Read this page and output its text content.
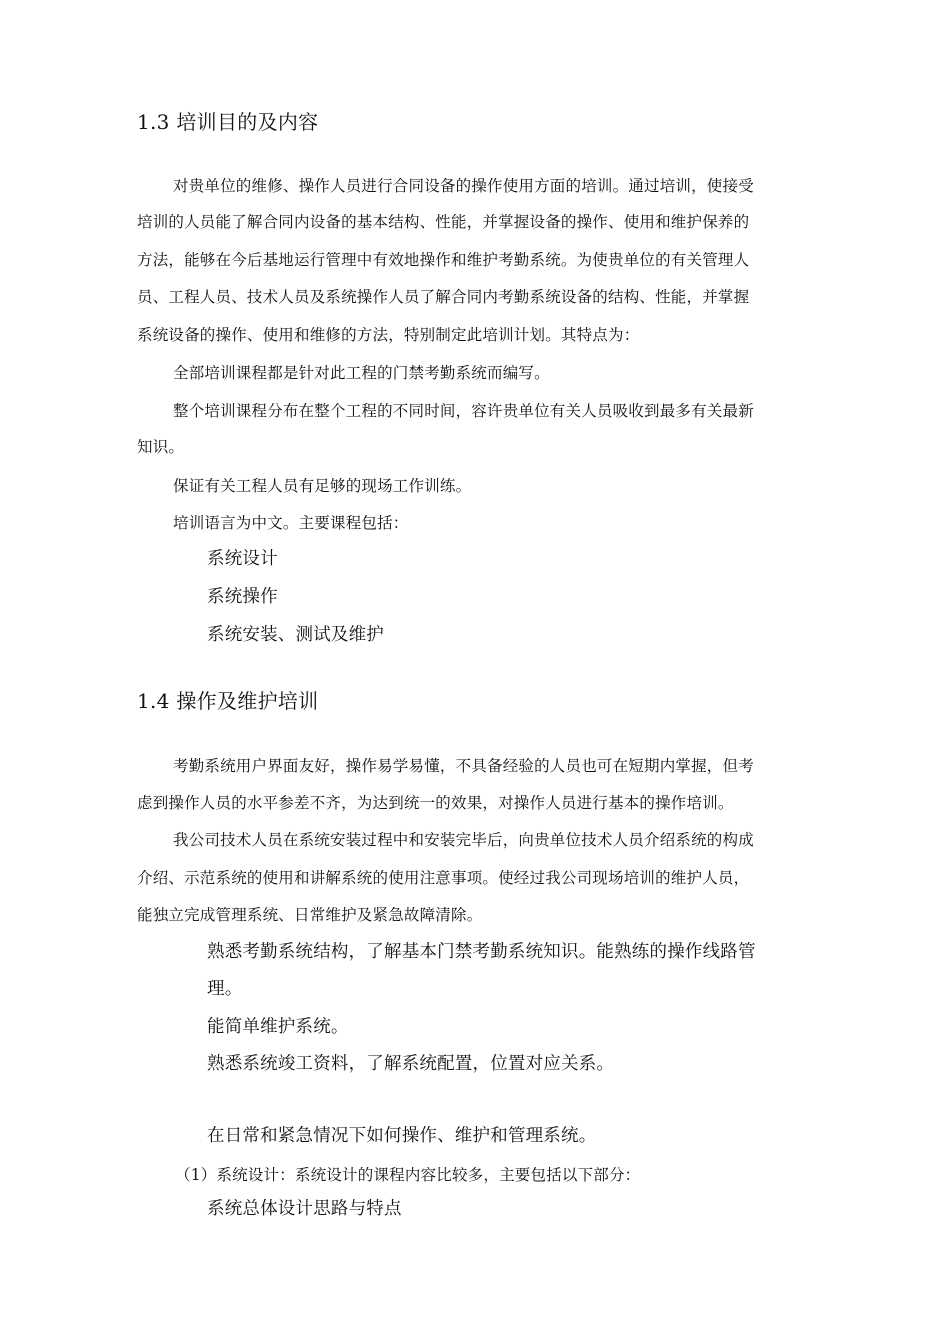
1.3 培训目的及内容
对贵单位的维修、操作人员进行合同设备的操作使用方面的培训。通过培训，使接受
培训的人员能了解合同内设备的基本结构、性能，并掌握设备的操作、使用和维护保养的
方法，能够在今后基地运行管理中有效地操作和维护考勤系统。为使贵单位的有关管理人
员、工程人员、技术人员及系统操作人员了解合同内考勤系统设备的结构、性能，并掌握
系统设备的操作、使用和维修的方法，特别制定此培训计划。其特点为：
全部培训课程都是针对此工程的门禁考勤系统而编写。
整个培训课程分布在整个工程的不同时间，容许贵单位有关人员吸收到最多有关最新
知识。
保证有关工程人员有足够的现场工作训练。
培训语言为中文。主要课程包括：
系统设计
系统操作
系统安装、测试及维护
1.4 操作及维护培训
考勤系统用户界面友好，操作易学易懂，不具备经验的人员也可在短期内掌握，但考
虑到操作人员的水平参差不齐，为达到统一的效果，对操作人员进行基本的操作培训。
我公司技术人员在系统安装过程中和安装完毕后，向贵单位技术人员介绍系统的构成
介绍、示范系统的使用和讲解系统的使用注意事项。使经过我公司现场培训的维护人员，
能独立完成管理系统、日常维护及紧急故障清除。
熟悉考勤系统结构，了解基本门禁考勤系统知识。能熟练的操作线路管
理。
能简单维护系统。
熟悉系统竣工资料，了解系统配置，位置对应关系。
在日常和紧急情况下如何操作、维护和管理系统。
（1）系统设计：系统设计的课程内容比较多，主要包括以下部分：
系统总体设计思路与特点
